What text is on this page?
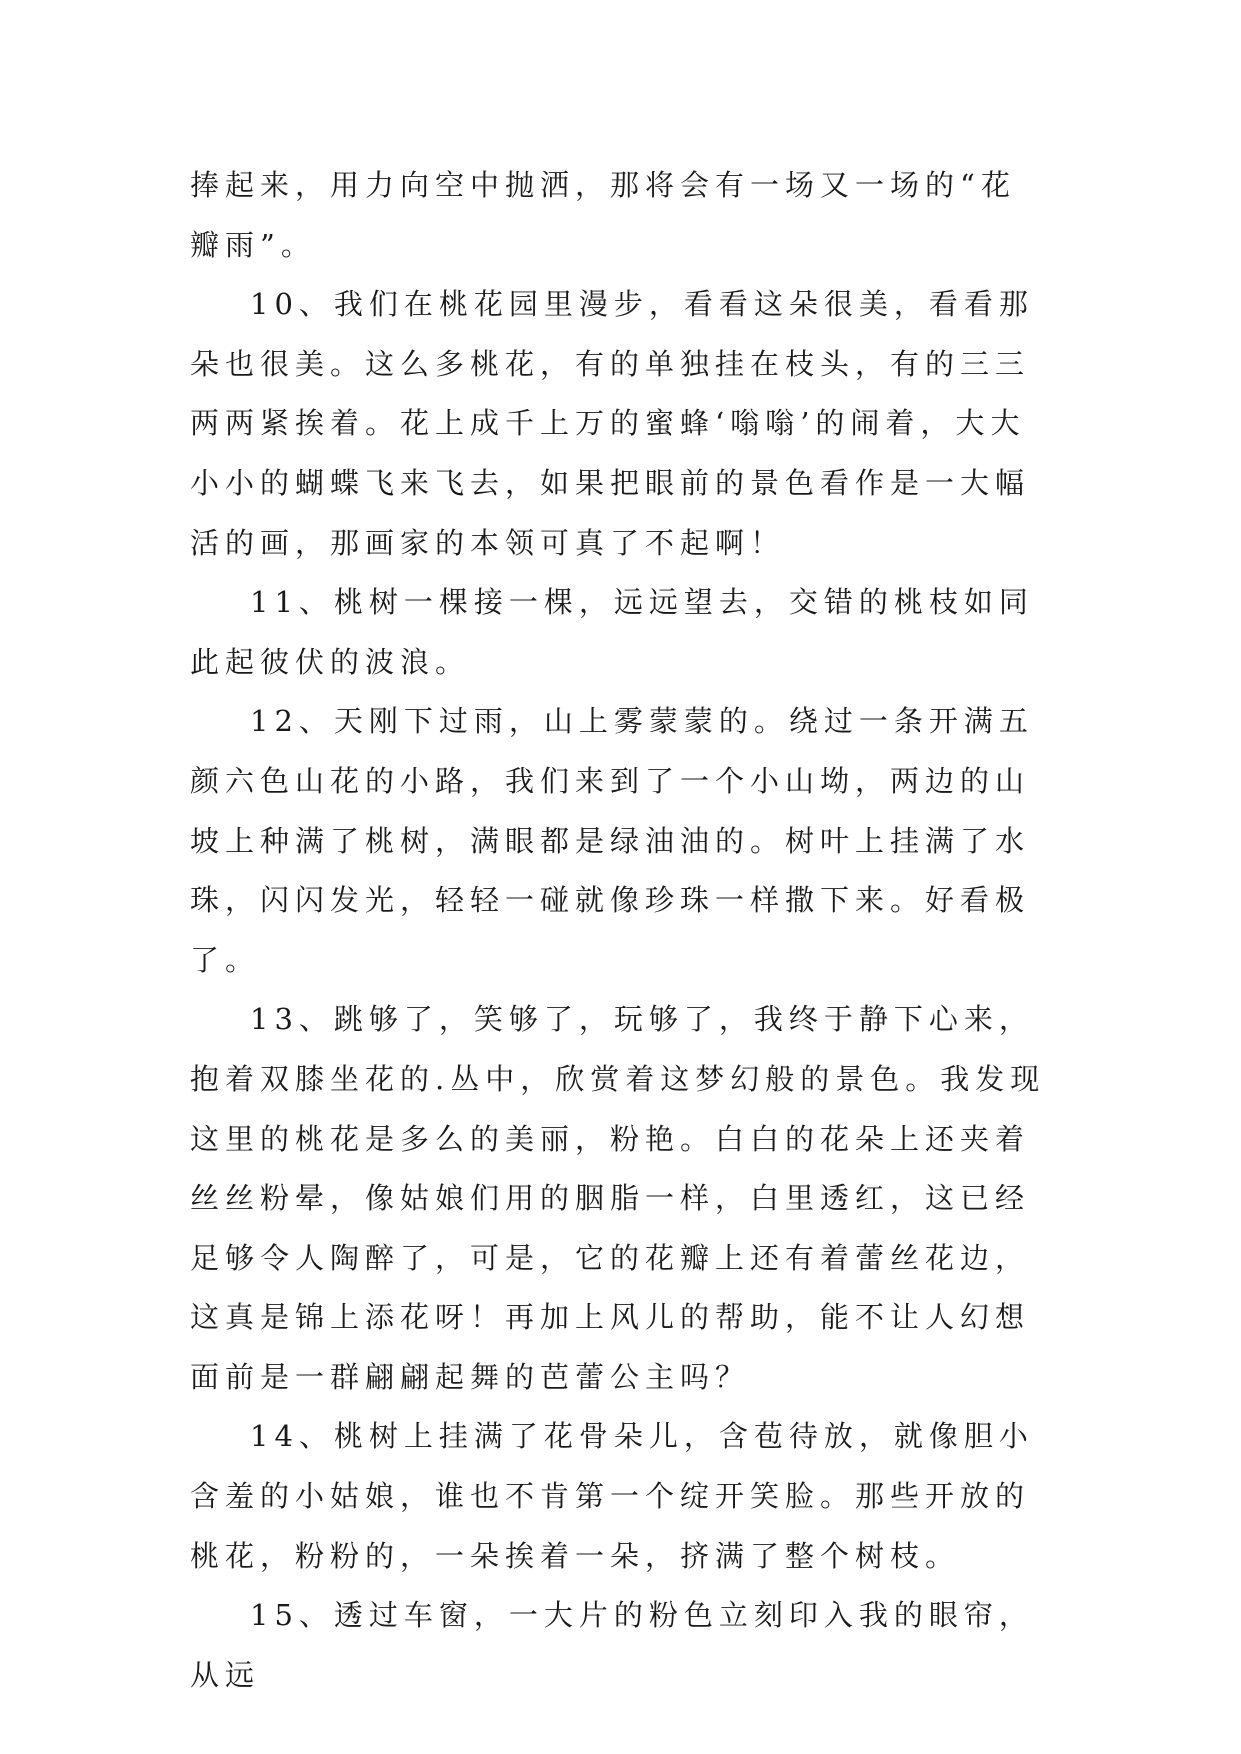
捧起来，用力向空中抛洒，那将会有一场又一场的“花瓣雨”。

10、我们在桃花园里漫步，看看这朵很美，看看那朵也很美。这么多桃花，有的单独挂在枝头，有的三三两两紧挨着。花上成千上万的蜜蜂‘嗡嗡’的闹着，大大小小的蝴蝶飞来飞去，如果把眼前的景色看作是一大幅活的画，那画家的本领可真了不起啊！

11、桃树一棵接一棵，远远望去，交错的桃枝如同此起彼伏的波浪。

12、天刚下过雨，山上雾蒙蒙的。绕过一条开满五颜六色山花的小路，我们来到了一个小山坳，两边的山坡上种满了桃树，满眼都是绿油油的。树叶上挂满了水珠，闪闪发光，轻轻一碰就像珍珠一样撒下来。好看极了。

13、跳够了，笑够了，玩够了，我终于静下心来，抱着双膝坐花的.丛中，欣赏着这梦幻般的景色。我发现这里的桃花是多么的美丽，粉艳。白白的花朵上还夹着丝丝粉晕，像姑娘们用的胭脂一样，白里透红，这已经足够令人陶醉了，可是，它的花瓣上还有着蕾丝花边，这真是锦上添花呀！再加上风儿的帮助，能不让人幻想面前是一群翩翩起舞的芭蕾公主吗？

14、桃树上挂满了花骨朵儿，含苞待放，就像胆小含羞的小姑娘，谁也不肯第一个绽开笑脸。那些开放的桃花，粉粉的，一朵挨着一朵，挤满了整个树枝。

15、透过车窗，一大片的粉色立刻印入我的眼帘，从远
